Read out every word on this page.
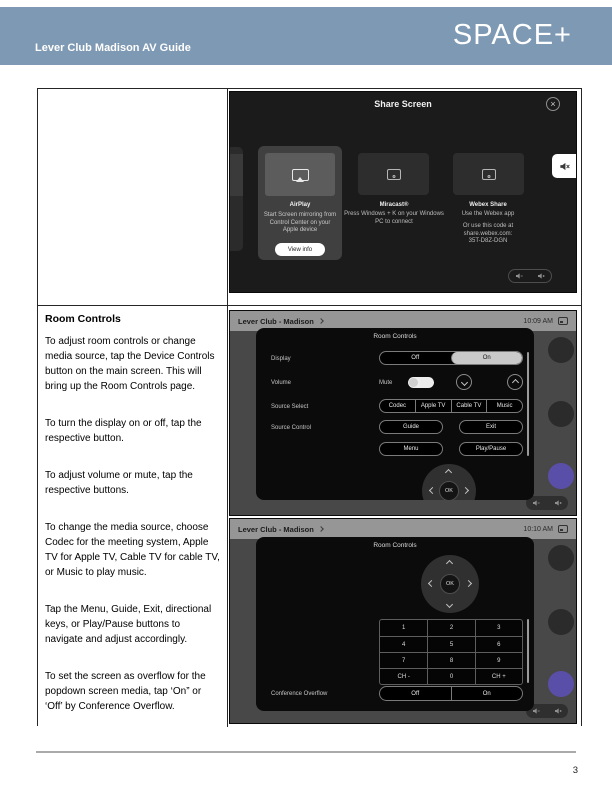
Lever Club Madison AV Guide	SPACE+
Share Screen	×
AirPlay
Start Screen mirroring from Control Center on your Apple device
View info
Miracast®
Press Windows + K on your Windows PC to connect
Webex Share
Use the Webex app
Or use this code at share.webex.com:
35T-D8Z-DGN
Room Controls

To adjust room controls or change media source, tap the Device Controls button on the main screen. This will bring up the Room Controls page.

To turn the display on or off, tap the respective button.

To adjust volume or mute, tap the respective buttons.

To change the media source, choose Codec for the meeting system, Apple TV for Apple TV, Cable TV for cable TV, or Music to play music.

Tap the Menu, Guide, Exit, directional keys, or Play/Pause buttons to navigate and adjust accordingly.

To set the screen as overflow for the popdown screen media, tap ‘On” or ‘Off’ by Conference Overflow.

Lever Club - Madison	10:09 AM
Room Controls
Display	Off	On
Volume	Mute
Source Select	Codec	Apple TV	Cable TV	Music
Source Control	Guide	Exit
Menu	Play/Pause
OK
Lever Club - Madison	10:10 AM
Room Controls
OK
1	2	3
4	5	6
7	8	9
CH -	0	CH +
Conference Overflow	Off	On
3
